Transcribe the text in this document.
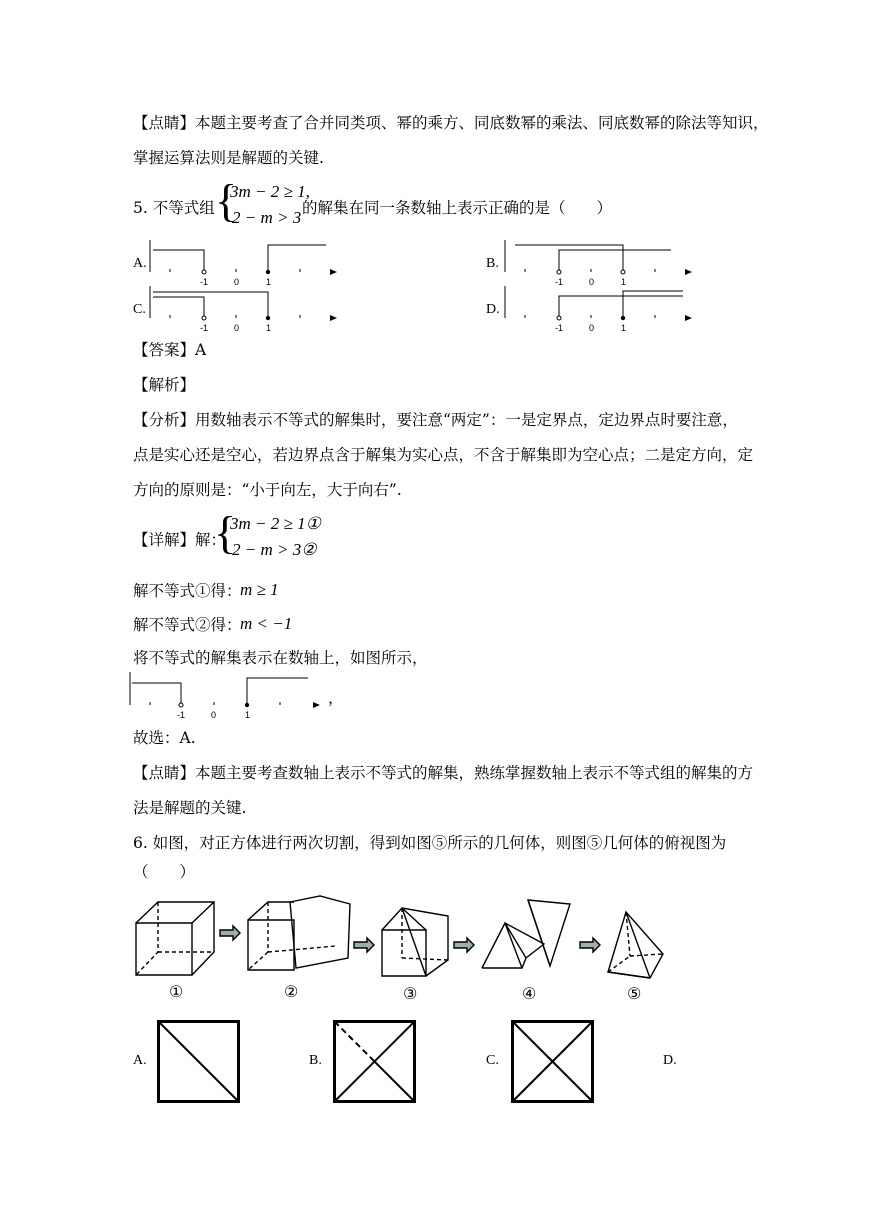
【点睛】本题主要考查了合并同类项、幂的乘方、同底数幂的乘法、同底数幂的除法等知识，
掌握运算法则是解题的关键.
5. 不等式组 {
3m − 2 ≥ 1,
2 − m > 3 的解集在同一条数轴上表示正确的是（　　）
A.
-1	0	1
B.
-1	0	1
C.
-1	0	1
D.
-1	0	1
【答案】A
【解析】
【分析】用数轴表示不等式的解集时，要注意“两定”：一是定界点，定边界点时要注意，
点是实心还是空心，若边界点含于解集为实心点，不含于解集即为空心点；二是定方向，定
方向的原则是：“小于向左，大于向右”.
【详解】解：
{
3m − 2 ≥ 1①
2 − m > 3②
解不等式①得：
m ≥ 1
解不等式②得：
m < −1
将不等式的解集表示在数轴上，如图所示，
-1	0	1
，
故选：A.
【点睛】本题主要考查数轴上表示不等式的解集，熟练掌握数轴上表示不等式组的解集的方
法是解题的关键.
6. 如图，对正方体进行两次切割，得到如图⑤所示的几何体，则图⑤几何体的俯视图为
（　　）
①	②	③	④	⑤
A.	B.	C.	D.
